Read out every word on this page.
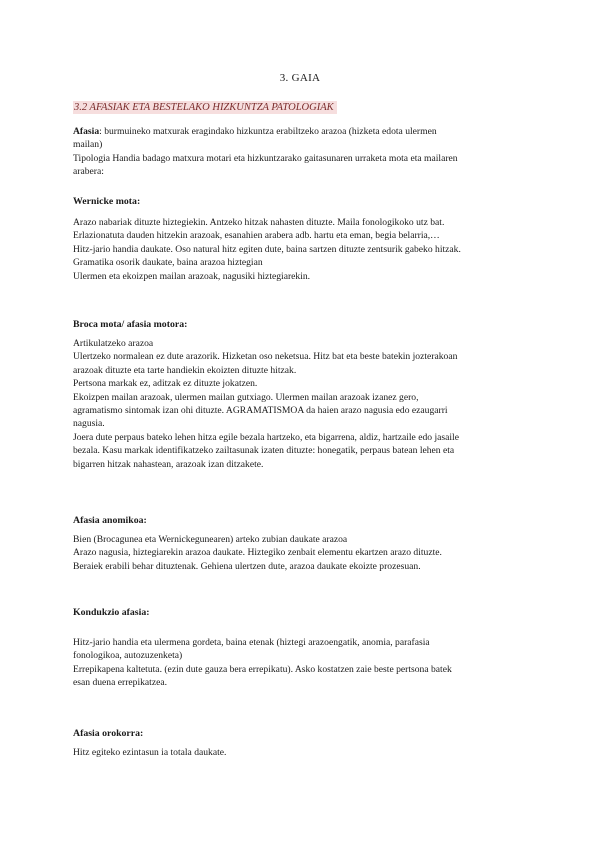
3. GAIA
3.2 AFASIAK ETA BESTELAKO HIZKUNTZA PATOLOGIAK

Afasia: burmuineko matxurak eragindako hizkuntza erabiltzeko arazoa (hizketa edota ulermen

mailan)

Tipologia Handia badago matxura motari eta hizkuntzarako gaitasunaren urraketa mota eta mailaren

arabera:

Wernicke mota:

Arazo nabariak dituzte hiztegiekin. Antzeko hitzak nahasten dituzte. Maila fonologikoko utz bat.

Erlazionatuta dauden hitzekin arazoak, esanahien arabera adb. hartu eta eman, begia belarria,…

Hitz-jario handia daukate. Oso natural hitz egiten dute, baina sartzen dituzte zentsurik gabeko hitzak.

Gramatika osorik daukate, baina arazoa hiztegian

Ulermen eta ekoizpen mailan arazoak, nagusiki hiztegiarekin.

Broca mota/ afasia motora:

Artikulatzeko arazoa

Ulertzeko normalean ez dute arazorik. Hizketan oso neketsua. Hitz bat eta beste batekin jozterakoan

arazoak dituzte eta tarte handiekin ekoizten dituzte hitzak.

Pertsona markak ez, aditzak ez dituzte jokatzen.

Ekoizpen mailan arazoak, ulermen mailan gutxiago. Ulermen mailan arazoak izanez gero,

agramatismo sintomak izan ohi dituzte. AGRAMATISMOA da haien arazo nagusia edo ezaugarri

nagusia.

Joera dute perpaus bateko lehen hitza egile bezala hartzeko, eta bigarrena, aldiz, hartzaile edo jasaile

bezala. Kasu markak identifikatzeko zailtasunak izaten dituzte: honegatik, perpaus batean lehen eta

bigarren hitzak nahastean, arazoak izan ditzakete.

Afasia anomikoa:

Bien (Brocagunea eta Wernickegunearen) arteko zubian daukate arazoa

Arazo nagusia, hiztegiarekin arazoa daukate. Hiztegiko zenbait elementu ekartzen arazo dituzte.

Beraiek erabili behar dituztenak. Gehiena ulertzen dute, arazoa daukate ekoizte prozesuan.

Kondukzio afasia:

Hitz-jario handia eta ulermena gordeta, baina etenak (hiztegi arazoengatik, anomia, parafasia

fonologikoa, autozuzenketa)

Errepikapena kaltetuta. (ezin dute gauza bera errepikatu). Asko kostatzen zaie beste pertsona batek

esan duena errepikatzea.

Afasia orokorra:

Hitz egiteko ezintasun ia totala daukate.
